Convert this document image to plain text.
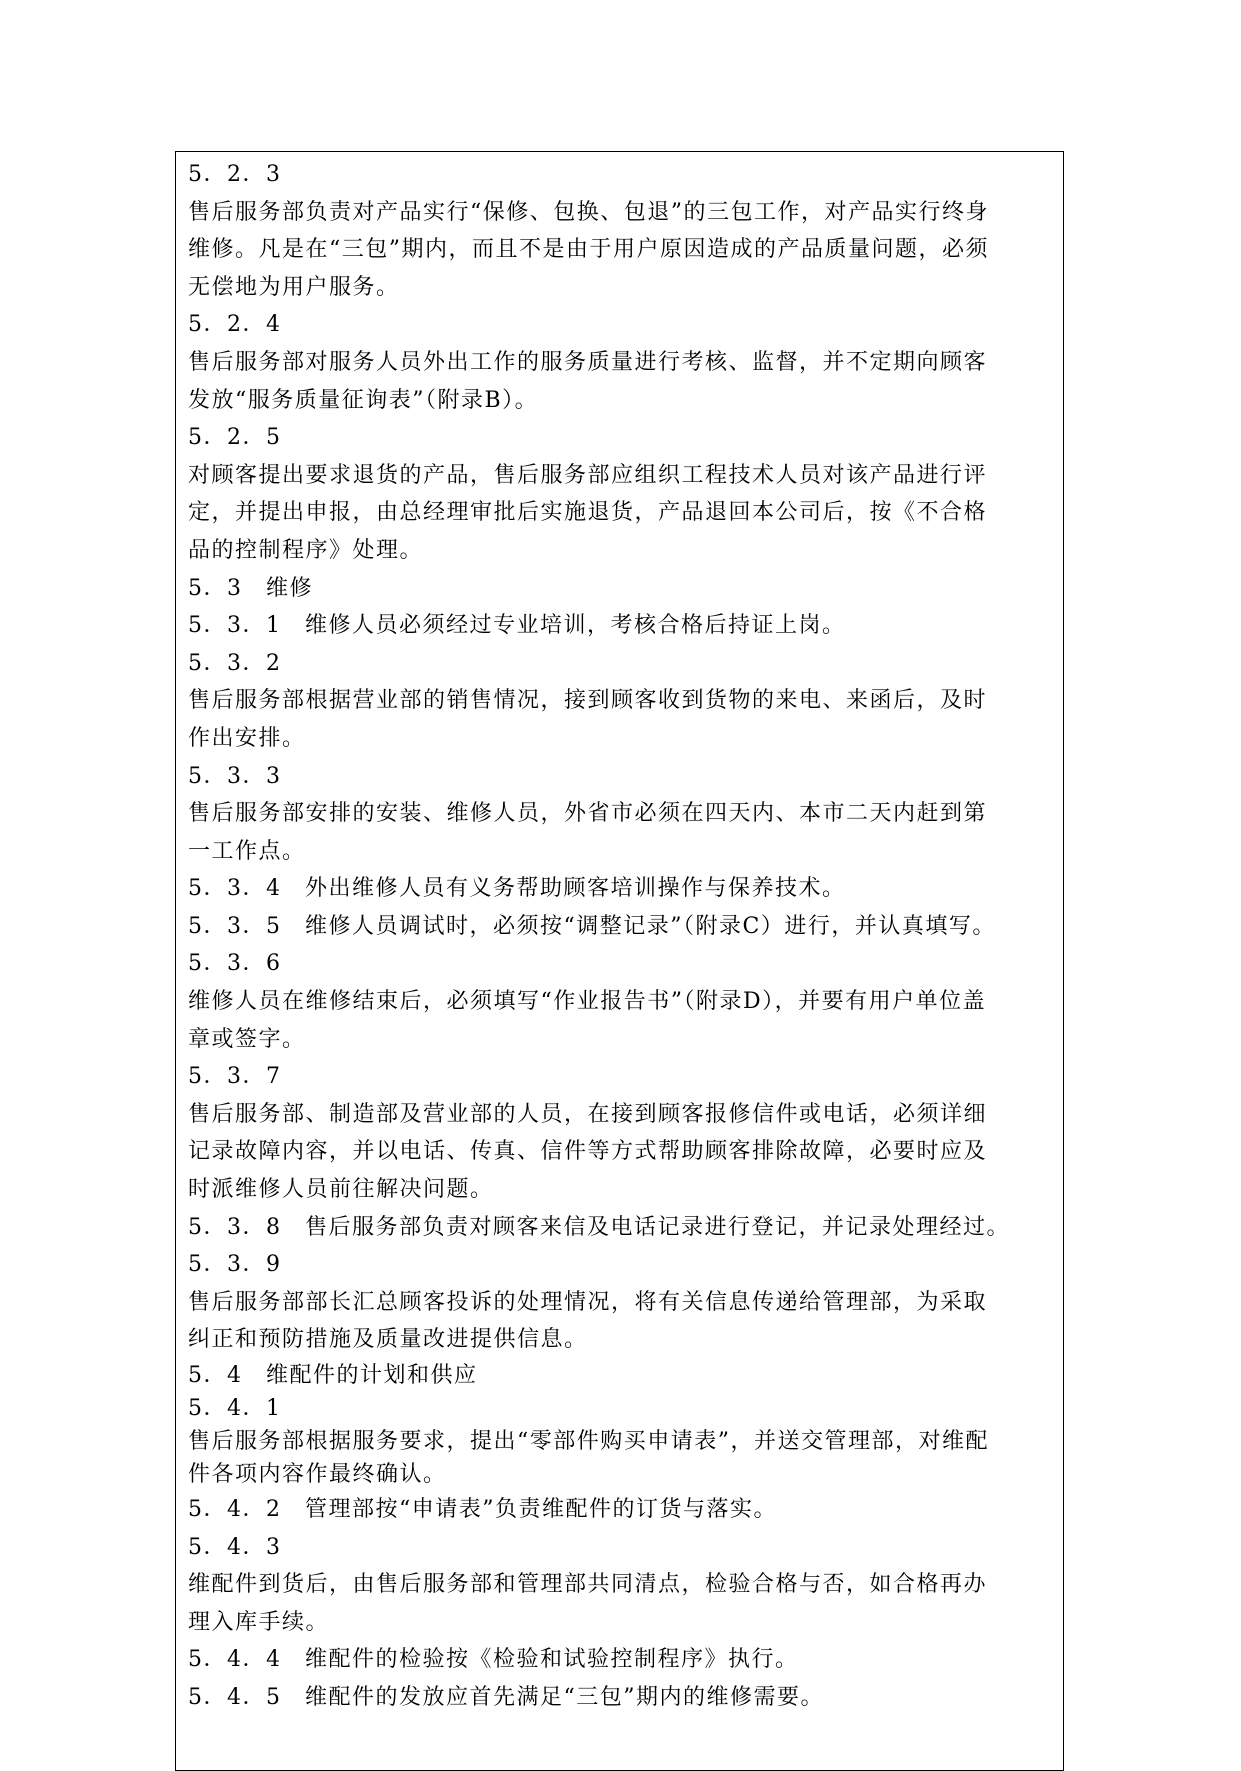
5．2．3
售后服务部负责对产品实行“保修、包换、包退”的三包工作，对产品实行终身
维修。凡是在“三包”期内，而且不是由于用户原因造成的产品质量问题，必须
无偿地为用户服务。
5．2．4
售后服务部对服务人员外出工作的服务质量进行考核、监督，并不定期向顾客
发放“服务质量征询表”（附录B）。
5．2．5
对顾客提出要求退货的产品，售后服务部应组织工程技术人员对该产品进行评
定，并提出申报，由总经理审批后实施退货，产品退回本公司后，按《不合格
品的控制程序》处理。
5．3　维修
5．3．1　维修人员必须经过专业培训，考核合格后持证上岗。
5．3．2
售后服务部根据营业部的销售情况，接到顾客收到货物的来电、来函后，及时
作出安排。
5．3．3
售后服务部安排的安装、维修人员，外省市必须在四天内、本市二天内赶到第
一工作点。
5．3．4　外出维修人员有义务帮助顾客培训操作与保养技术。
5．3．5　维修人员调试时，必须按“调整记录”（附录C）进行，并认真填写。
5．3．6
维修人员在维修结束后，必须填写“作业报告书”（附录D），并要有用户单位盖
章或签字。
5．3．7
售后服务部、制造部及营业部的人员，在接到顾客报修信件或电话，必须详细
记录故障内容，并以电话、传真、信件等方式帮助顾客排除故障，必要时应及
时派维修人员前往解决问题。
5．3．8　售后服务部负责对顾客来信及电话记录进行登记，并记录处理经过。
5．3．9
售后服务部部长汇总顾客投诉的处理情况，将有关信息传递给管理部，为采取
纠正和预防措施及质量改进提供信息。
5．4　维配件的计划和供应
5．4．1
售后服务部根据服务要求，提出“零部件购买申请表”，并送交管理部，对维配
件各项内容作最终确认。
5．4．2　管理部按“申请表”负责维配件的订货与落实。
5．4．3
维配件到货后，由售后服务部和管理部共同清点，检验合格与否，如合格再办
理入库手续。
5．4．4　维配件的检验按《检验和试验控制程序》执行。
5．4．5　维配件的发放应首先满足“三包”期内的维修需要。
